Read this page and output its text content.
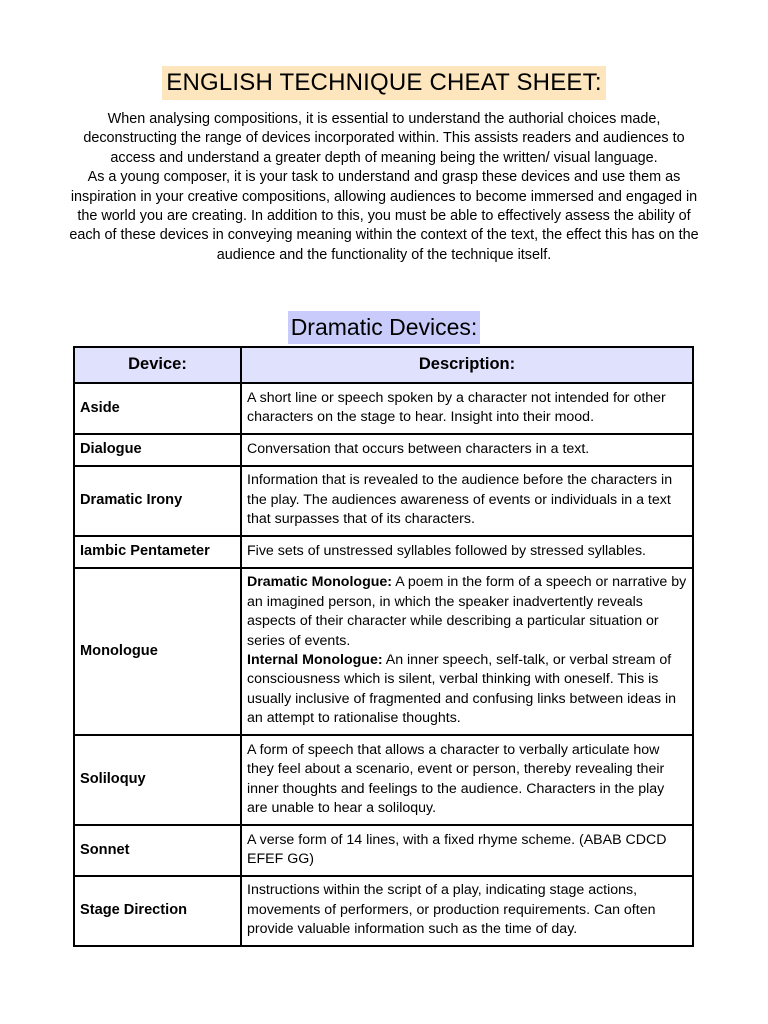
ENGLISH TECHNIQUE CHEAT SHEET:

When analysing compositions, it is essential to understand the authorial choices made, deconstructing the range of devices incorporated within. This assists readers and audiences to access and understand a greater depth of meaning being the written/ visual language.

As a young composer, it is your task to understand and grasp these devices and use them as inspiration in your creative compositions, allowing audiences to become immersed and engaged in the world you are creating. In addition to this, you must be able to effectively assess the ability of each of these devices in conveying meaning within the context of the text, the effect this has on the audience and the functionality of the technique itself.

Dramatic Devices:
Device:	Description:
Aside	A short line or speech spoken by a character not intended for other characters on the stage to hear. Insight into their mood.
Dialogue	Conversation that occurs between characters in a text.
Dramatic Irony	Information that is revealed to the audience before the characters in the play. The audiences awareness of events or individuals in a text that surpasses that of its characters.
Iambic Pentameter	Five sets of unstressed syllables followed by stressed syllables.
Monologue	Dramatic Monologue: A poem in the form of a speech or narrative by an imagined person, in which the speaker inadvertently reveals aspects of their character while describing a particular situation or series of events.
Internal Monologue: An inner speech, self-talk, or verbal stream of consciousness which is silent, verbal thinking with oneself. This is usually inclusive of fragmented and confusing links between ideas in an attempt to rationalise thoughts.
Soliloquy	A form of speech that allows a character to verbally articulate how they feel about a scenario, event or person, thereby revealing their inner thoughts and feelings to the audience. Characters in the play are unable to hear a soliloquy.
Sonnet	A verse form of 14 lines, with a fixed rhyme scheme. (ABAB CDCD EFEF GG)
Stage Direction	Instructions within the script of a play, indicating stage actions, movements of performers, or production requirements. Can often provide valuable information such as the time of day.
